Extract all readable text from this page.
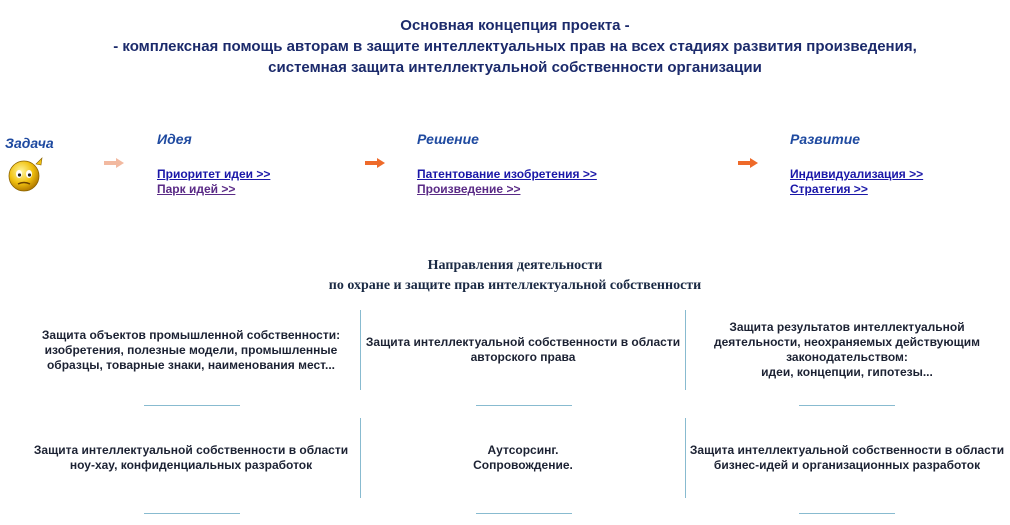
Основная концепция проекта -
- комплексная помощь авторам в защите интеллектуальных прав на всех стадиях развития произведения,
системная защита интеллектуальной собственности организации
Задача	Идея
Приоритет идеи >>
Парк идей >>
Решение
Патентование изобретения >>
Произведение >>
Развитие
Индивидуализация >>
Стратегия >>
Направления деятельности
по охране и защите прав интеллектуальной собственности
Защита объектов промышленной собственности:
изобретения, полезные модели, промышленные
образцы, товарные знаки, наименования мест...
Защита интеллектуальной собственности в области
авторского права
Защита результатов интеллектуальной
деятельности, неохраняемых действующим
законодательством:
идеи, концепции, гипотезы...
Защита интеллектуальной собственности в области
ноу-хау, конфиденциальных разработок
Аутсорсинг.
Сопровождение.
Защита интеллектуальной собственности в области
бизнес-идей и организационных разработок
